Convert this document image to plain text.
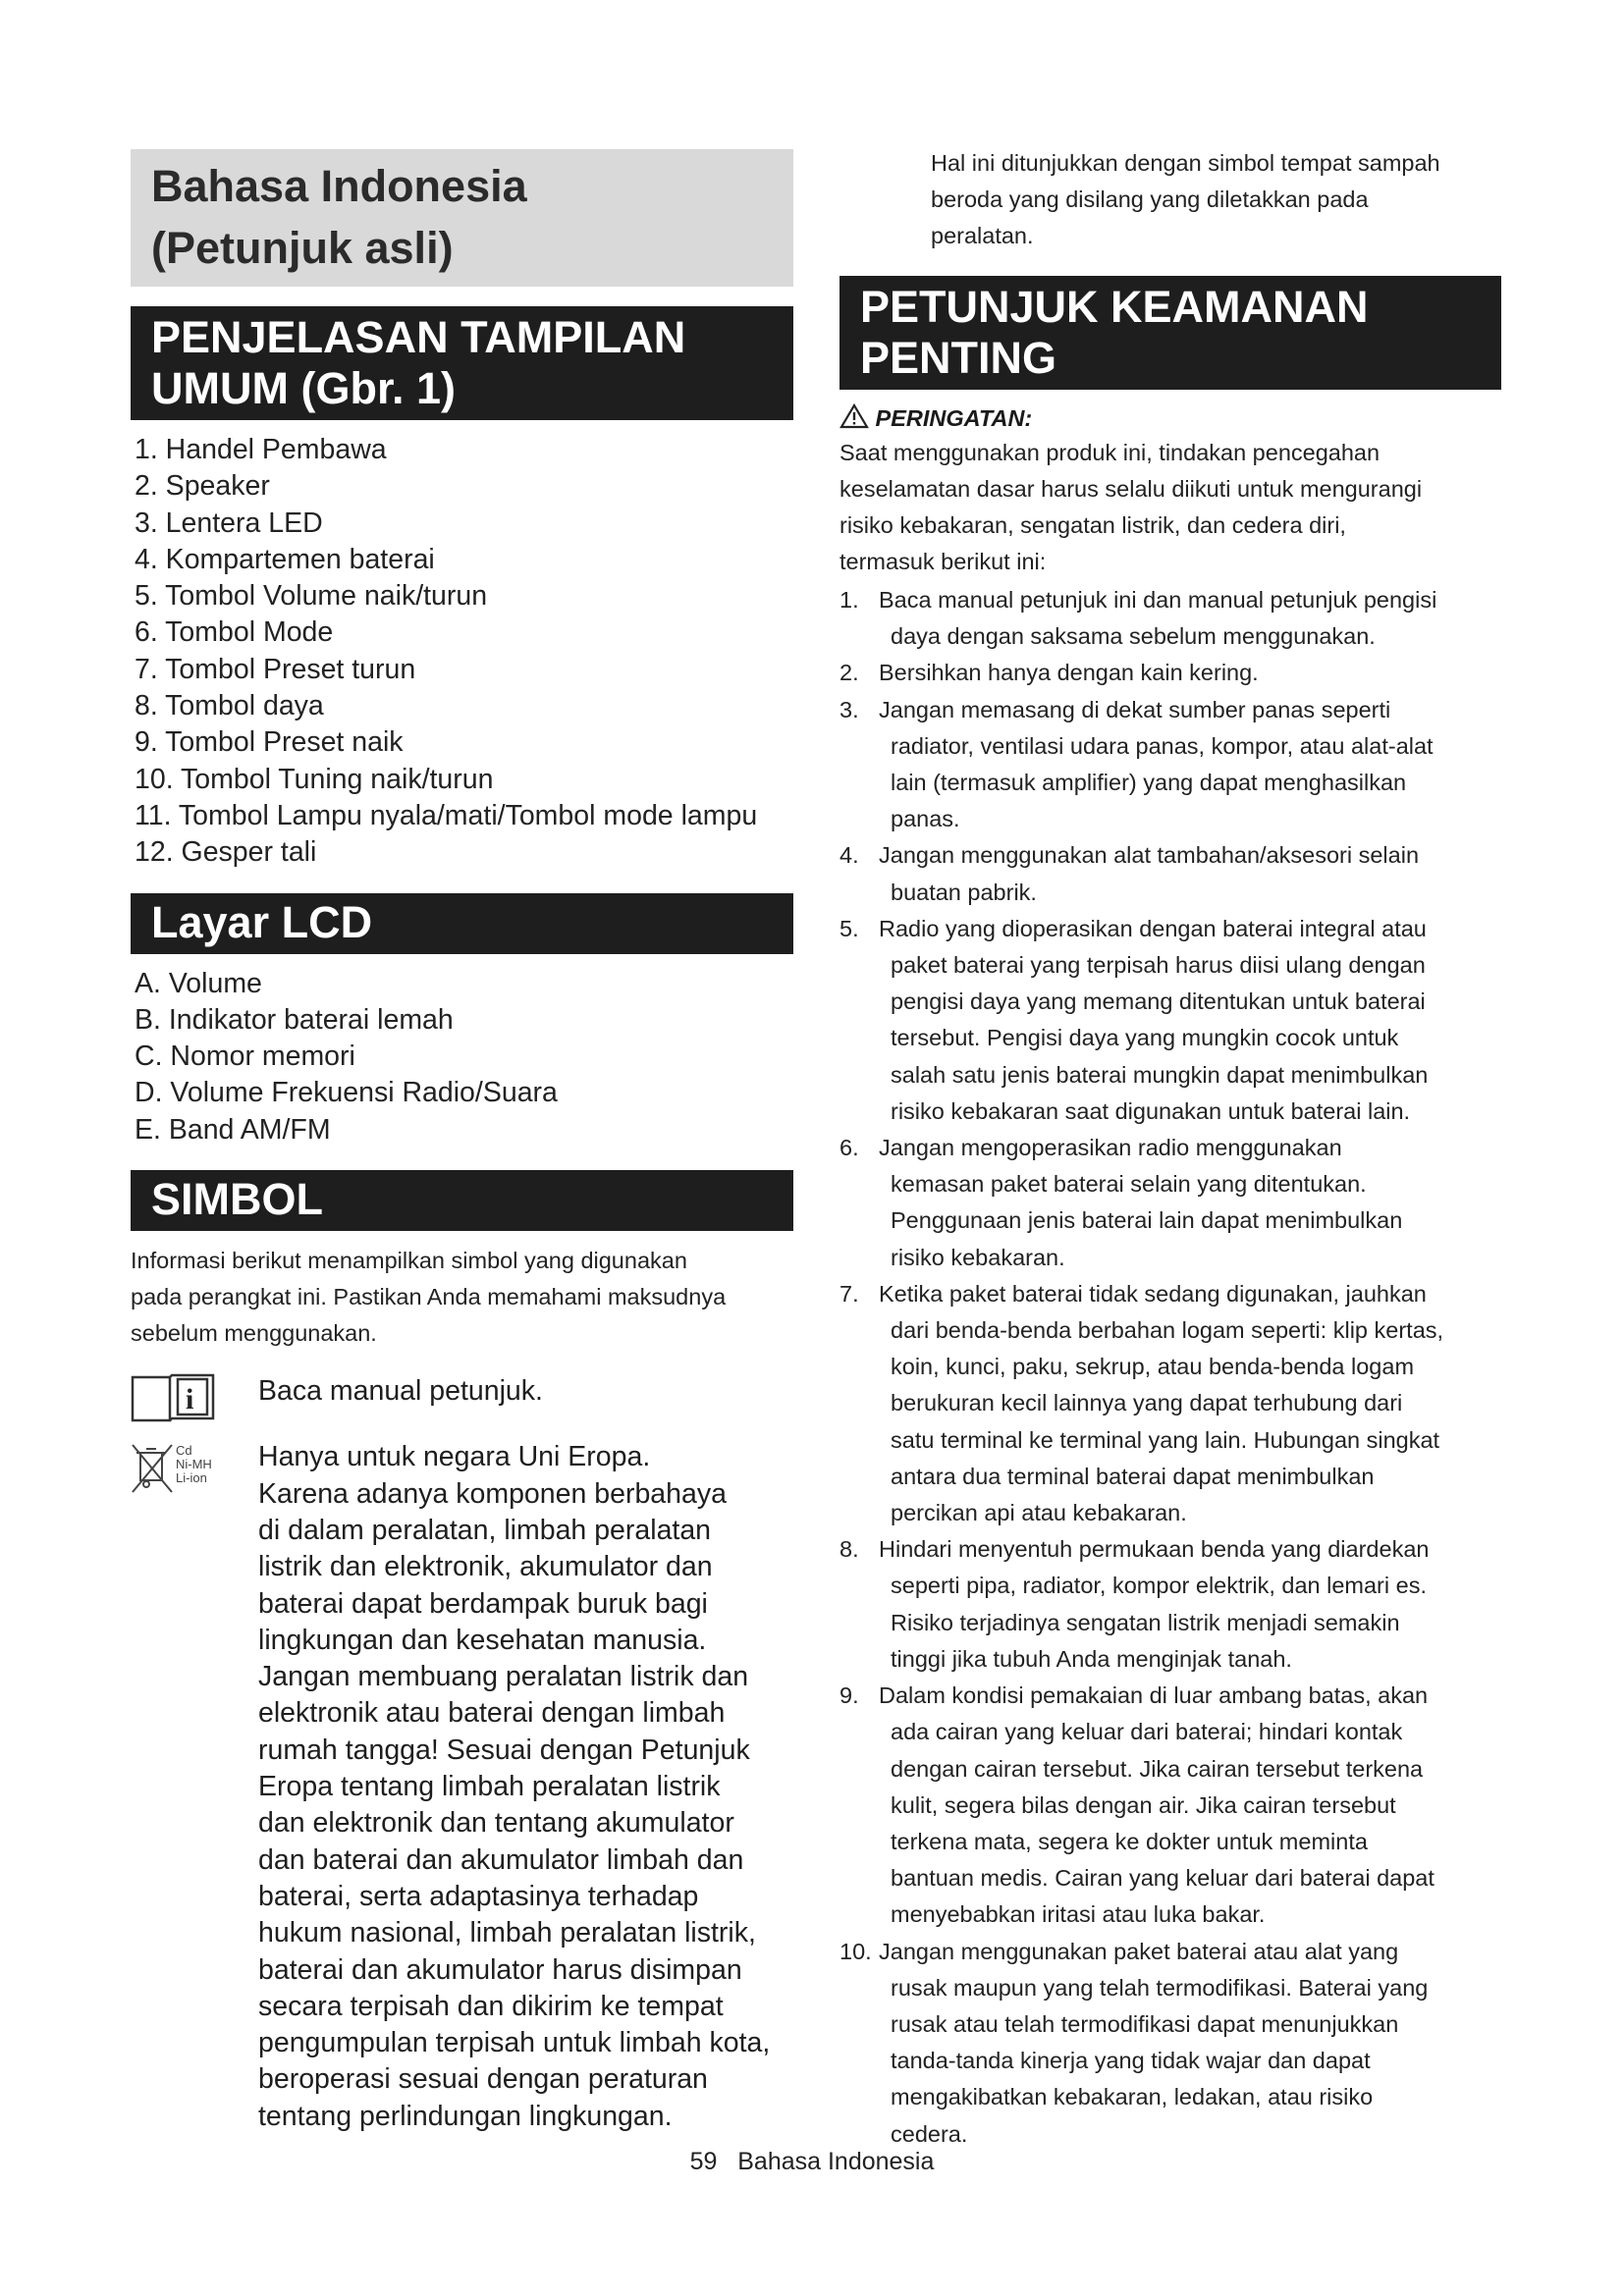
Bahasa Indonesia
(Petunjuk asli)
PENJELASAN TAMPILAN
UMUM (Gbr. 1)
1. Handel Pembawa
2. Speaker
3. Lentera LED
4. Kompartemen baterai
5. Tombol Volume naik/turun
6. Tombol Mode
7. Tombol Preset turun
8. Tombol daya
9. Tombol Preset naik
10. Tombol Tuning naik/turun
11. Tombol Lampu nyala/mati/Tombol mode lampu
12. Gesper tali
Layar LCD
A. Volume
B. Indikator baterai lemah
C. Nomor memori
D. Volume Frekuensi Radio/Suara
E. Band AM/FM
SIMBOL
Informasi berikut menampilkan simbol yang digunakan
pada perangkat ini. Pastikan Anda memahami maksudnya
sebelum menggunakan.
i Baca manual petunjuk.
Cd
Ni-MH
Li-ion
Hanya untuk negara Uni Eropa.
Karena adanya komponen berbahaya
di dalam peralatan, limbah peralatan
listrik dan elektronik, akumulator dan
baterai dapat berdampak buruk bagi
lingkungan dan kesehatan manusia.
Jangan membuang peralatan listrik dan
elektronik atau baterai dengan limbah
rumah tangga! Sesuai dengan Petunjuk
Eropa tentang limbah peralatan listrik
dan elektronik dan tentang akumulator
dan baterai dan akumulator limbah dan
baterai, serta adaptasinya terhadap
hukum nasional, limbah peralatan listrik,
baterai dan akumulator harus disimpan
secara terpisah dan dikirim ke tempat
pengumpulan terpisah untuk limbah kota,
beroperasi sesuai dengan peraturan
tentang perlindungan lingkungan.
Hal ini ditunjukkan dengan simbol tempat sampah
beroda yang disilang yang diletakkan pada
peralatan.
PETUNJUK KEAMANAN
PENTING
PERINGATAN:
Saat menggunakan produk ini, tindakan pencegahan
keselamatan dasar harus selalu diikuti untuk mengurangi
risiko kebakaran, sengatan listrik, dan cedera diri,
termasuk berikut ini:
1. Baca manual petunjuk ini dan manual petunjuk pengisi
daya dengan saksama sebelum menggunakan.
2. Bersihkan hanya dengan kain kering.
3. Jangan memasang di dekat sumber panas seperti
radiator, ventilasi udara panas, kompor, atau alat-alat
lain (termasuk amplifier) yang dapat menghasilkan
panas.
4. Jangan menggunakan alat tambahan/aksesori selain
buatan pabrik.
5. Radio yang dioperasikan dengan baterai integral atau
paket baterai yang terpisah harus diisi ulang dengan
pengisi daya yang memang ditentukan untuk baterai
tersebut. Pengisi daya yang mungkin cocok untuk
salah satu jenis baterai mungkin dapat menimbulkan
risiko kebakaran saat digunakan untuk baterai lain.
6. Jangan mengoperasikan radio menggunakan
kemasan paket baterai selain yang ditentukan.
Penggunaan jenis baterai lain dapat menimbulkan
risiko kebakaran.
7. Ketika paket baterai tidak sedang digunakan, jauhkan
dari benda-benda berbahan logam seperti: klip kertas,
koin, kunci, paku, sekrup, atau benda-benda logam
berukuran kecil lainnya yang dapat terhubung dari
satu terminal ke terminal yang lain. Hubungan singkat
antara dua terminal baterai dapat menimbulkan
percikan api atau kebakaran.
8. Hindari menyentuh permukaan benda yang diardekan
seperti pipa, radiator, kompor elektrik, dan lemari es.
Risiko terjadinya sengatan listrik menjadi semakin
tinggi jika tubuh Anda menginjak tanah.
9. Dalam kondisi pemakaian di luar ambang batas, akan
ada cairan yang keluar dari baterai; hindari kontak
dengan cairan tersebut. Jika cairan tersebut terkena
kulit, segera bilas dengan air. Jika cairan tersebut
terkena mata, segera ke dokter untuk meminta
bantuan medis. Cairan yang keluar dari baterai dapat
menyebabkan iritasi atau luka bakar.
10. Jangan menggunakan paket baterai atau alat yang
rusak maupun yang telah termodifikasi. Baterai yang
rusak atau telah termodifikasi dapat menunjukkan
tanda-tanda kinerja yang tidak wajar dan dapat
mengakibatkan kebakaran, ledakan, atau risiko
cedera.
59 Bahasa Indonesia
